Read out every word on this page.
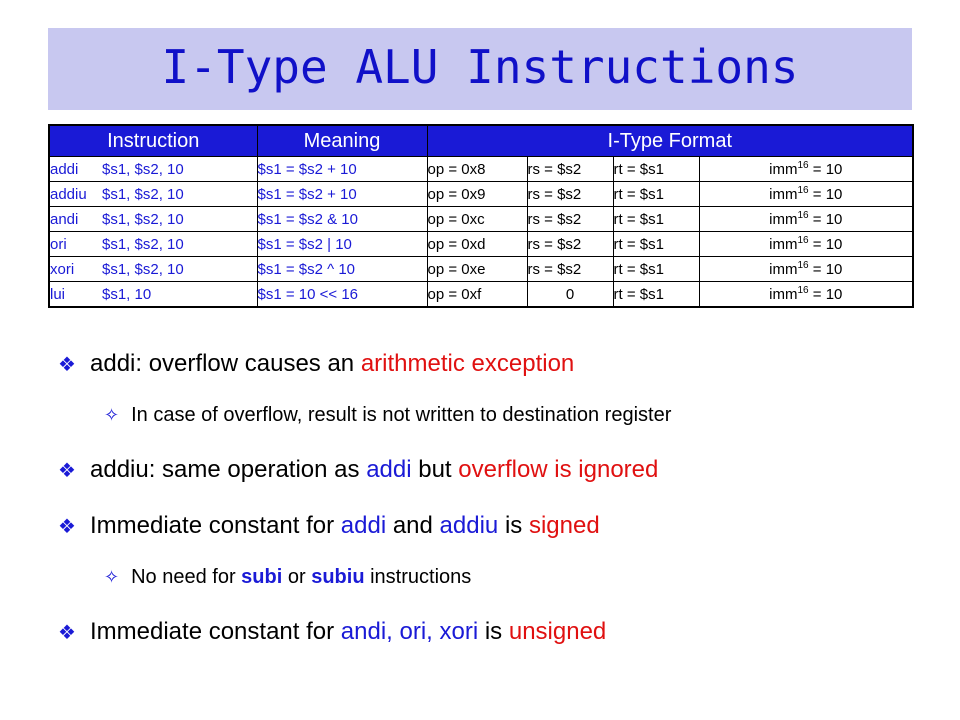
I-Type ALU Instructions
Instruction	Meaning	I-Type Format			
addi $s1, $s2, 10	$s1 = $s2 + 10	op = 0x8	rs = $s2	rt = $s1	imm$^{16}$ = 10
addiu $s1, $s2, 10	$s1 = $s2 + 10	op = 0x9	rs = $s2	rt = $s1	imm$^{16}$ = 10
andi $s1, $s2, 10	$s1 = $s2 & 10	op = 0xc	rs = $s2	rt = $s1	imm$^{16}$ = 10
ori $s1, $s2, 10	$s1 = $s2 | 10	op = 0xd	rs = $s2	rt = $s1	imm$^{16}$ = 10
xori $s1, $s2, 10	$s1 = $s2 ^ 10	op = 0xe	rs = $s2	rt = $s1	imm$^{16}$ = 10
lui $s1, 10	$s1 = 10 << 16	op = 0xf	0	rt = $s1	imm$^{16}$ = 10
❖ addi: overflow causes an arithmetic exception
✧ In case of overflow, result is not written to destination register
❖ addiu: same operation as addi but overflow is ignored
❖ Immediate constant for addi and addiu is signed
✧ No need for subi or subiu instructions
❖ Immediate constant for andi, ori, xori is unsigned
